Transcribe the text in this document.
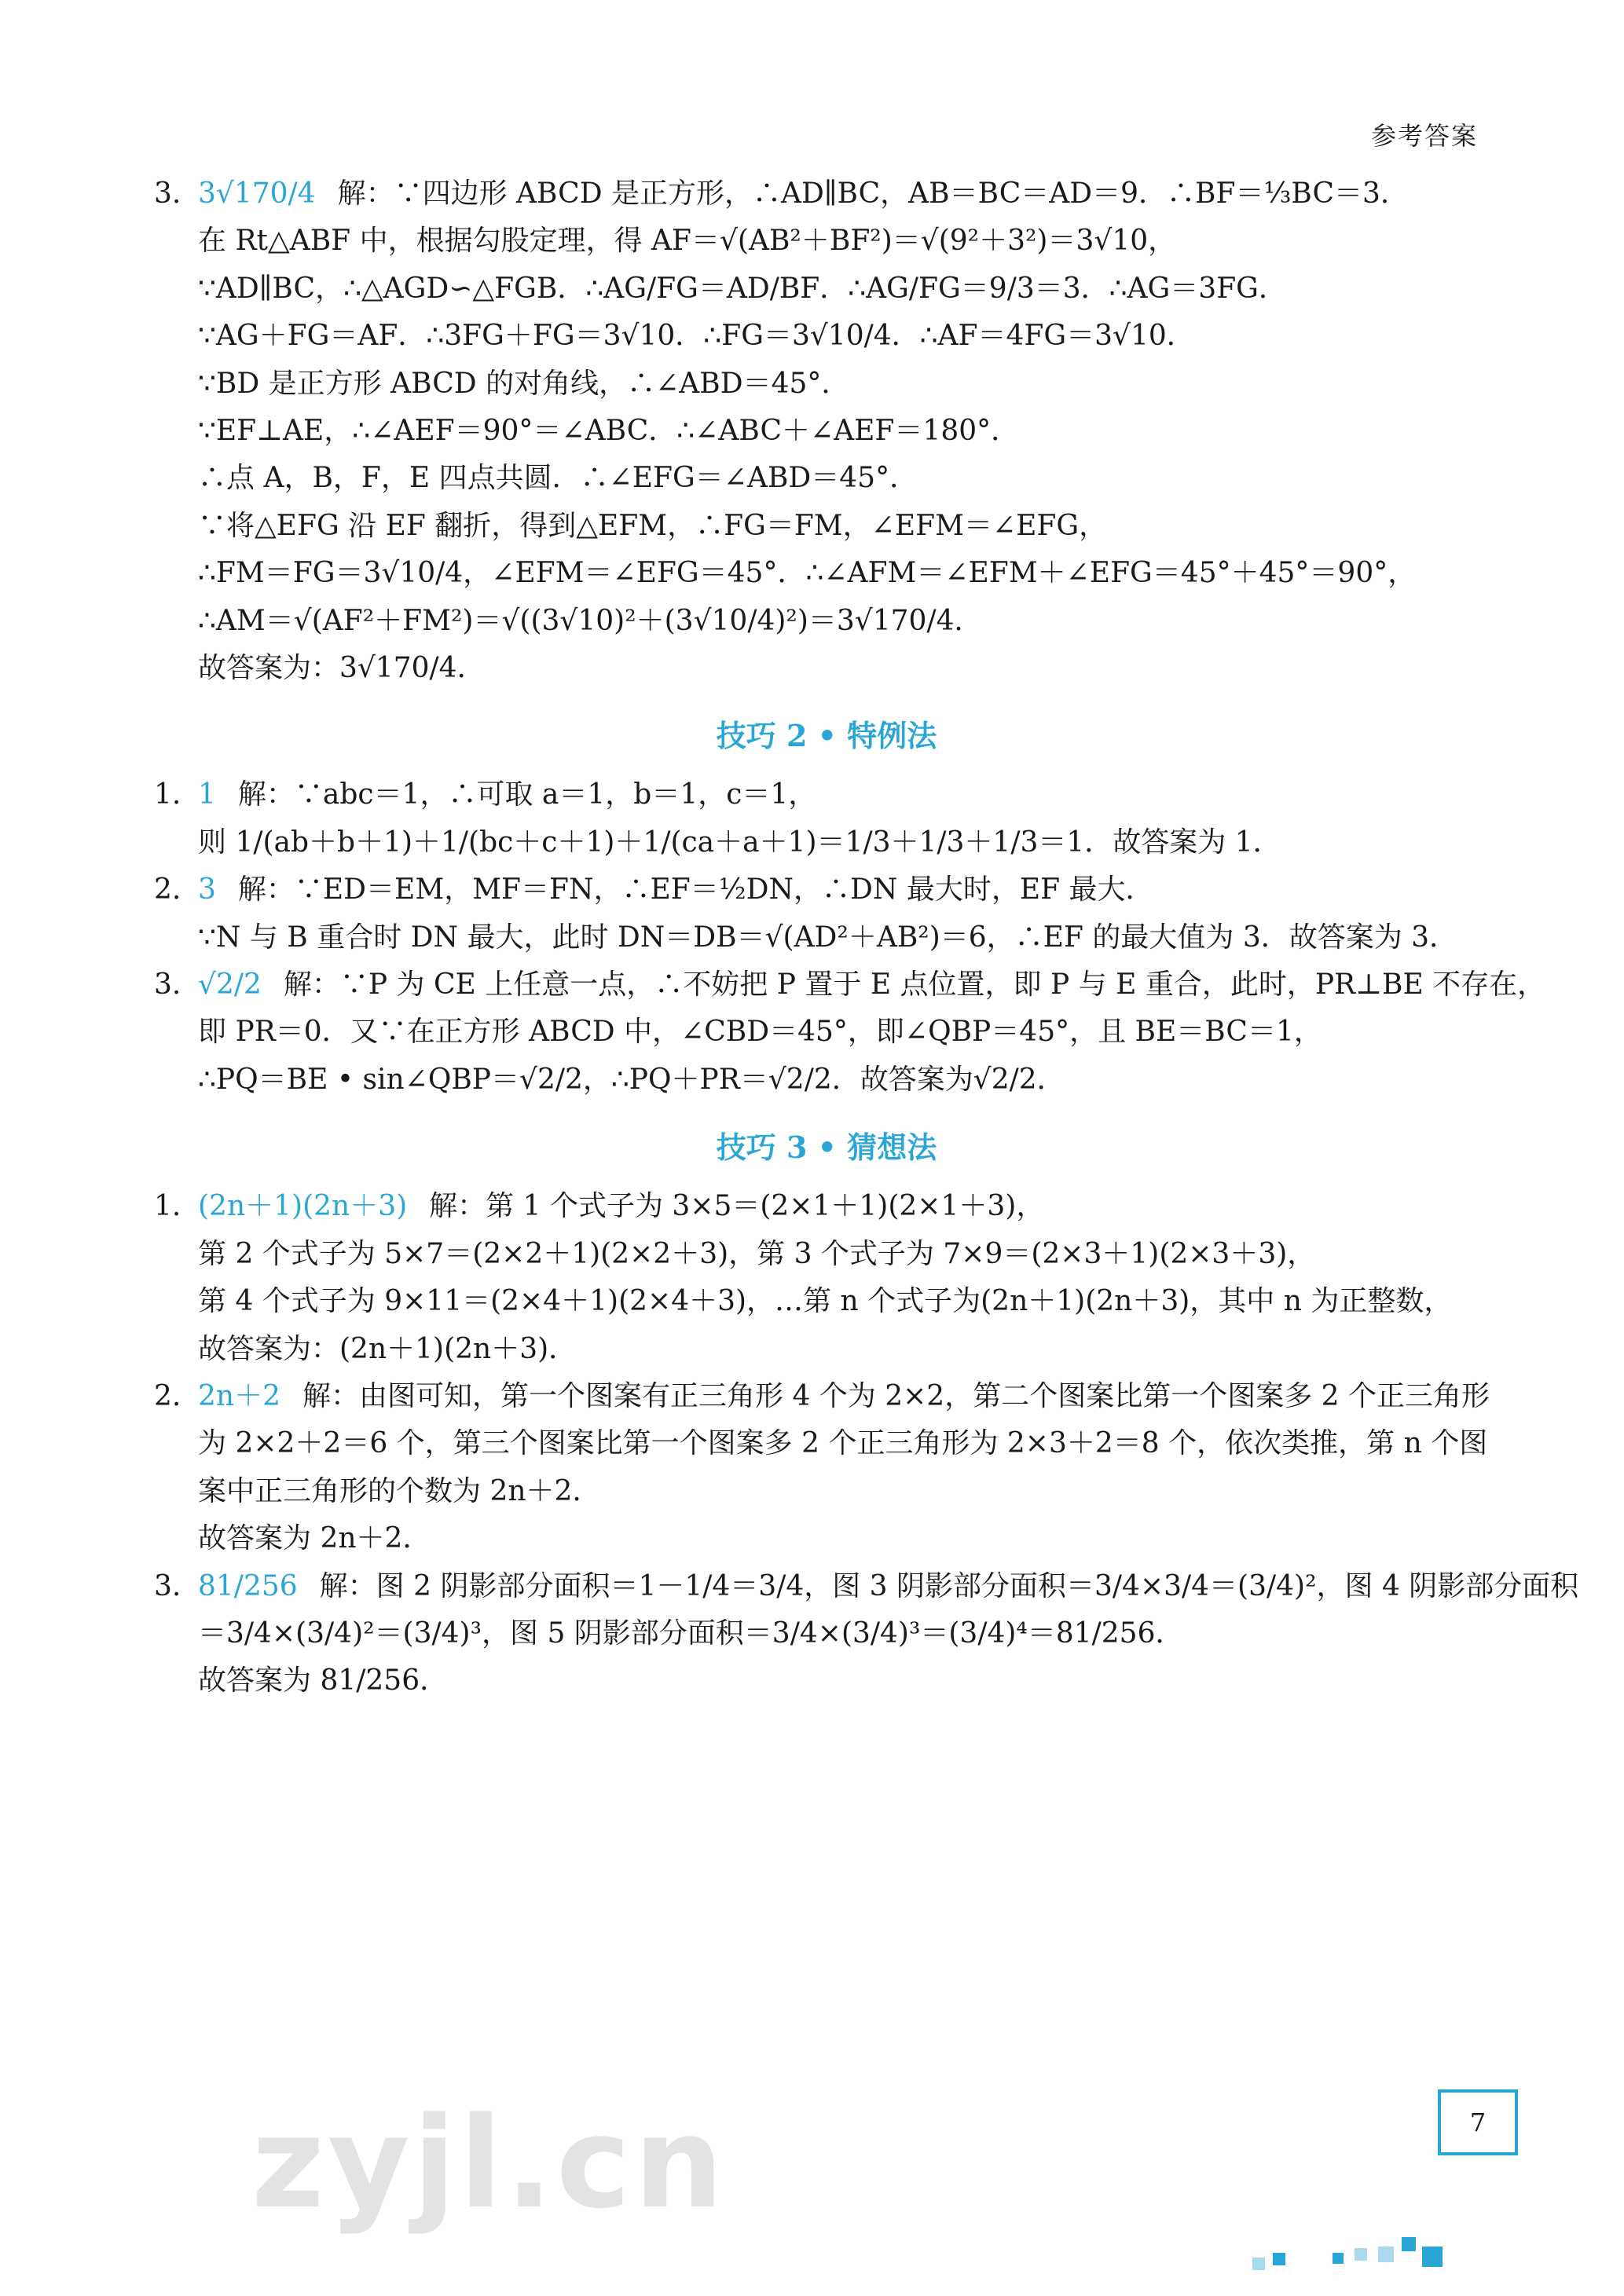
参考答案
3. 3√170/4 解：∵四边形 ABCD 是正方形，∴AD∥BC，AB＝BC＝AD＝9．∴BF＝⅓BC＝3．
在 Rt△ABF 中，根据勾股定理，得 AF＝√(AB²＋BF²)＝√(9²＋3²)＝3√10，
∵AD∥BC，∴△AGD∽△FGB．∴AG/FG＝AD/BF．∴AG/FG＝9/3＝3．∴AG＝3FG．
∵AG＋FG＝AF．∴3FG＋FG＝3√10．∴FG＝3√10/4．∴AF＝4FG＝3√10．
∵BD 是正方形 ABCD 的对角线，∴∠ABD＝45°．
∵EF⊥AE，∴∠AEF＝90°＝∠ABC．∴∠ABC＋∠AEF＝180°．
∴点 A，B，F，E 四点共圆．∴∠EFG＝∠ABD＝45°．
∵将△EFG 沿 EF 翻折，得到△EFM，∴FG＝FM，∠EFM＝∠EFG，
∴FM＝FG＝3√10/4，∠EFM＝∠EFG＝45°．∴∠AFM＝∠EFM＋∠EFG＝45°＋45°＝90°，
∴AM＝√(AF²＋FM²)＝√((3√10)²＋(3√10/4)²)＝3√170/4．
故答案为：3√170/4．
技巧 2 • 特例法
1. 1 解：∵abc＝1，∴可取 a＝1，b＝1，c＝1，
则 1/(ab＋b＋1)＋1/(bc＋c＋1)＋1/(ca＋a＋1)＝1/3＋1/3＋1/3＝1．故答案为 1．
2. 3 解：∵ED＝EM，MF＝FN，∴EF＝½DN，∴DN 最大时，EF 最大．
∵N 与 B 重合时 DN 最大，此时 DN＝DB＝√(AD²＋AB²)＝6，∴EF 的最大值为 3．故答案为 3．
3. √2/2 解：∵P 为 CE 上任意一点，∴不妨把 P 置于 E 点位置，即 P 与 E 重合，此时，PR⊥BE 不存在，
即 PR＝0．又∵在正方形 ABCD 中，∠CBD＝45°，即∠QBP＝45°，且 BE＝BC＝1，
∴PQ＝BE • sin∠QBP＝√2/2，∴PQ＋PR＝√2/2．故答案为√2/2．
技巧 3 • 猜想法
1. (2n＋1)(2n＋3) 解：第 1 个式子为 3×5＝(2×1＋1)(2×1＋3)，
第 2 个式子为 5×7＝(2×2＋1)(2×2＋3)，第 3 个式子为 7×9＝(2×3＋1)(2×3＋3)，
第 4 个式子为 9×11＝(2×4＋1)(2×4＋3)，…第 n 个式子为(2n＋1)(2n＋3)，其中 n 为正整数，
故答案为：(2n＋1)(2n＋3)．
2. 2n＋2 解：由图可知，第一个图案有正三角形 4 个为 2×2，第二个图案比第一个图案多 2 个正三角形
为 2×2＋2＝6 个，第三个图案比第一个图案多 2 个正三角形为 2×3＋2＝8 个，依次类推，第 n 个图
案中正三角形的个数为 2n＋2．
故答案为 2n＋2．
3. 81/256 解：图 2 阴影部分面积＝1－1/4＝3/4，图 3 阴影部分面积＝3/4×3/4＝(3/4)²，图 4 阴影部分面积
＝3/4×(3/4)²＝(3/4)³，图 5 阴影部分面积＝3/4×(3/4)³＝(3/4)⁴＝81/256．
故答案为 81/256．
zyjl.cn	7
